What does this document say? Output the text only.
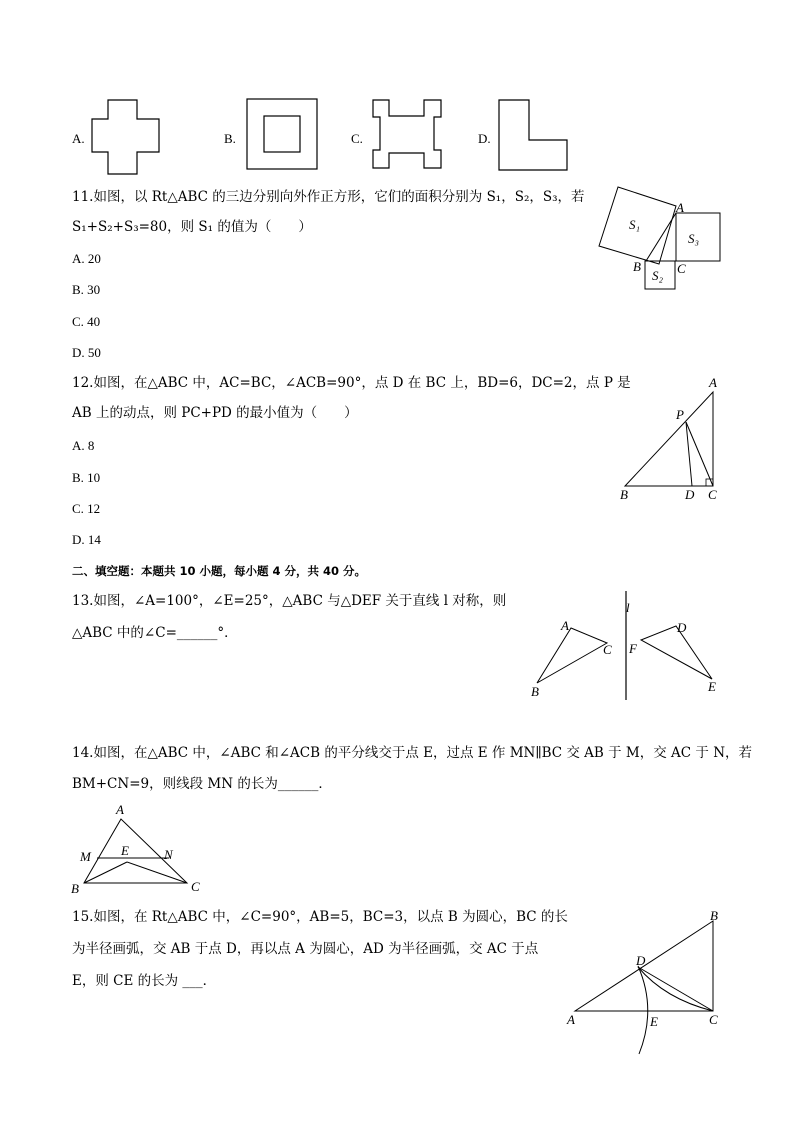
A.	B.	C.	D.
11.如图，以 Rt△ABC 的三边分别向外作正方形，它们的面积分别为 S₁，S₂，S₃，若
S₁+S₂+S₃=80，则 S₁ 的值为（　　）
A. 20
B. 30
C. 40
D. 50
S₁
S₃
S₂
A
B	C
12.如图，在△ABC 中，AC=BC，∠ACB=90°，点 D 在 BC 上，BD=6，DC=2，点 P 是
AB 上的动点，则 PC+PD 的最小值为（　　）
A. 8
B. 10
C. 12
D. 14
A
P
B	D C
二、填空题：本题共 10 小题，每小题 4 分，共 40 分。
13.如图，∠A=100°，∠E=25°，△ABC 与△DEF 关于直线 l 对称，则
△ABC 中的∠C=______°．
l
A
C
B
F
D
E
14.如图，在△ABC 中，∠ABC 和∠ACB 的平分线交于点 E，过点 E 作 MN∥BC 交 AB 于 M，交 AC 于 N，若
BM+CN=9，则线段 MN 的长为______．
A
M E	N
B	C
15.如图，在 Rt△ABC 中，∠C=90°，AB=5，BC=3，以点 B 为圆心，BC 的长
为半径画弧，交 AB 于点 D，再以点 A 为圆心，AD 为半径画弧，交 AC 于点
E，则 CE 的长为 ___．
B
D
A	E	C
